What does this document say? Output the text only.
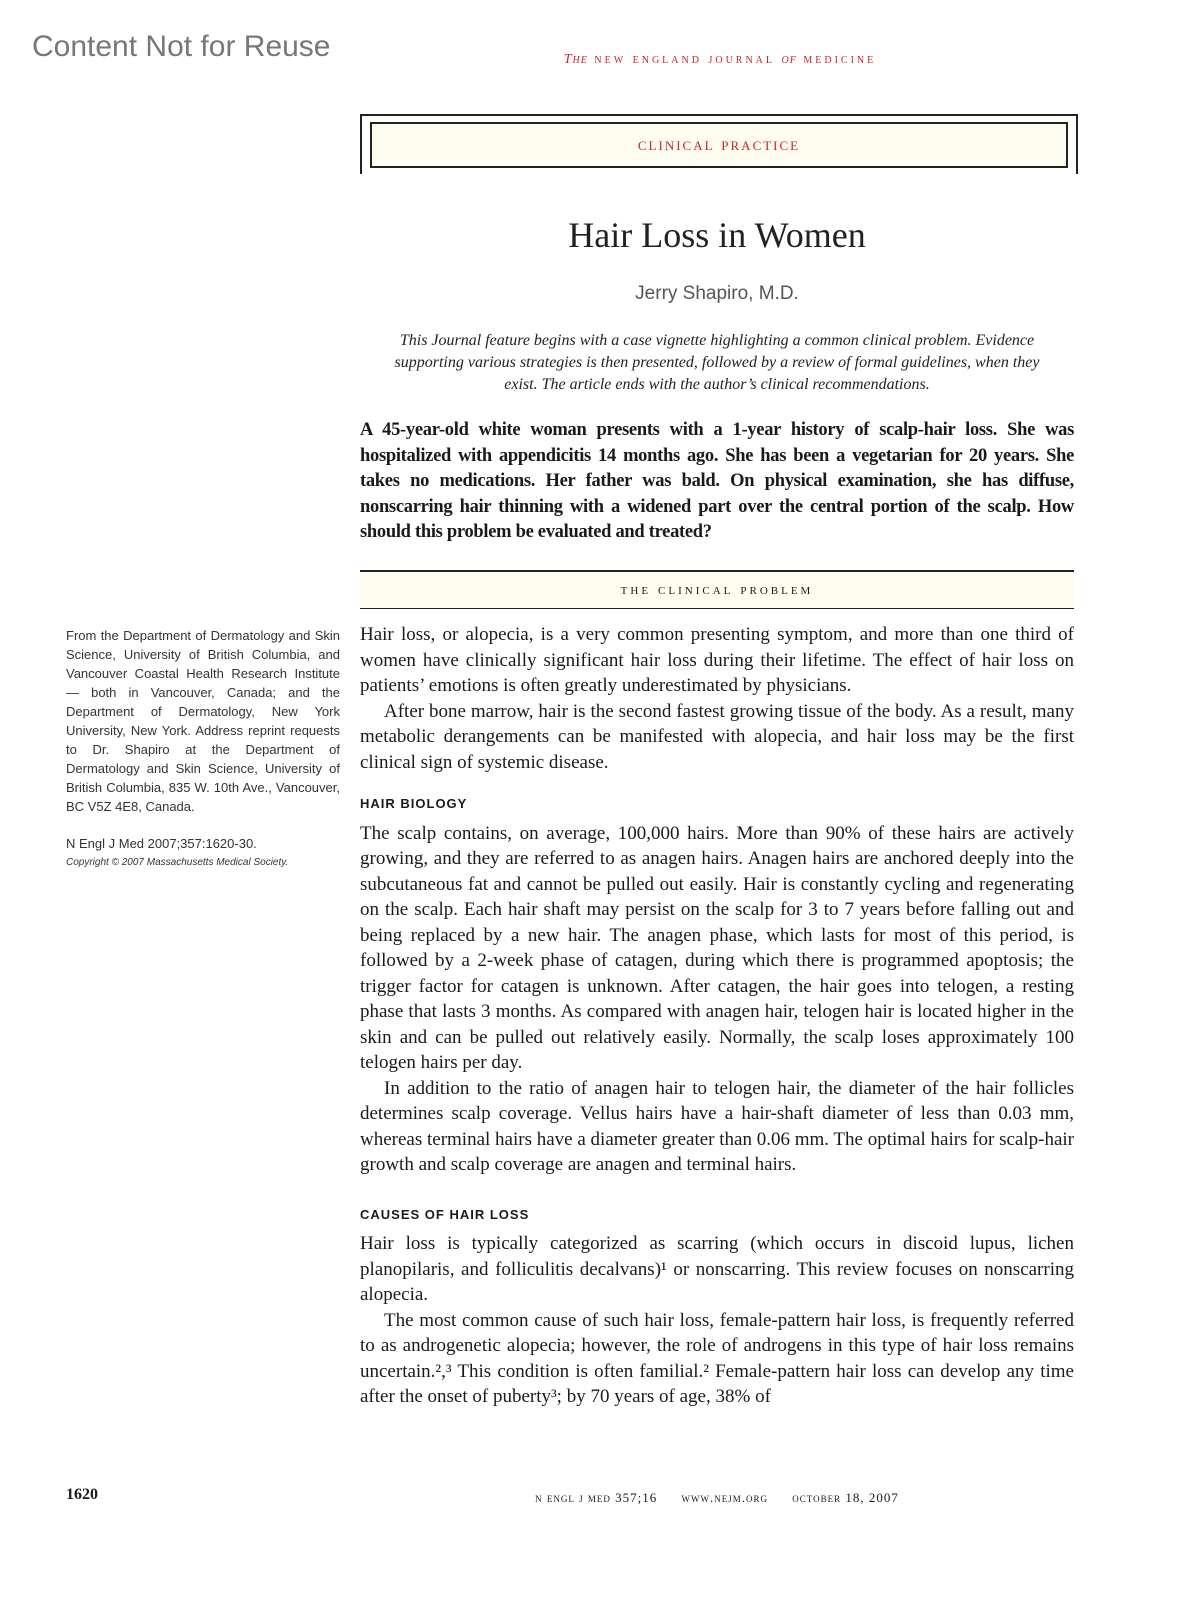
Content Not for Reuse	The new england journal of medicine
clinical practice
Hair Loss in Women
Jerry Shapiro, M.D.
This Journal feature begins with a case vignette highlighting a common clinical problem. Evidence supporting various strategies is then presented, followed by a review of formal guidelines, when they exist. The article ends with the author’s clinical recommendations.
A 45-year-old white woman presents with a 1-year history of scalp-hair loss. She was hospitalized with appendicitis 14 months ago. She has been a vegetarian for 20 years. She takes no medications. Her father was bald. On physical examination, she has diffuse, nonscarring hair thinning with a widened part over the central portion of the scalp. How should this problem be evaluated and treated?
the clinical problem
From the Department of Dermatology and Skin Science, University of British Columbia, and Vancouver Coastal Health Research Institute — both in Vancouver, Canada; and the Department of Dermatology, New York University, New York. Address reprint requests to Dr. Shapiro at the Department of Dermatology and Skin Science, University of British Columbia, 835 W. 10th Ave., Vancouver, BC V5Z 4E8, Canada.
N Engl J Med 2007;357:1620-30.
Copyright © 2007 Massachusetts Medical Society.

Hair loss, or alopecia, is a very common presenting symptom, and more than one third of women have clinically significant hair loss during their lifetime. The effect of hair loss on patients’ emotions is often greatly underestimated by physicians.

After bone marrow, hair is the second fastest growing tissue of the body. As a result, many metabolic derangements can be manifested with alopecia, and hair loss may be the first clinical sign of systemic disease.

HAIR BIOLOGY

The scalp contains, on average, 100,000 hairs. More than 90% of these hairs are actively growing, and they are referred to as anagen hairs. Anagen hairs are anchored deeply into the subcutaneous fat and cannot be pulled out easily. Hair is constantly cycling and regenerating on the scalp. Each hair shaft may persist on the scalp for 3 to 7 years before falling out and being replaced by a new hair. The anagen phase, which lasts for most of this period, is followed by a 2-week phase of catagen, during which there is programmed apoptosis; the trigger factor for catagen is unknown. After catagen, the hair goes into telogen, a resting phase that lasts 3 months. As compared with anagen hair, telogen hair is located higher in the skin and can be pulled out relatively easily. Normally, the scalp loses approximately 100 telogen hairs per day.

In addition to the ratio of anagen hair to telogen hair, the diameter of the hair follicles determines scalp coverage. Vellus hairs have a hair-shaft diameter of less than 0.03 mm, whereas terminal hairs have a diameter greater than 0.06 mm. The optimal hairs for scalp-hair growth and scalp coverage are anagen and terminal hairs.

CAUSES OF HAIR LOSS

Hair loss is typically categorized as scarring (which occurs in discoid lupus, lichen planopilaris, and folliculitis decalvans)¹ or nonscarring. This review focuses on nonscarring alopecia.

The most common cause of such hair loss, female-pattern hair loss, is frequently referred to as androgenetic alopecia; however, the role of androgens in this type of hair loss remains uncertain.²,³ This condition is often familial.² Female-pattern hair loss can develop any time after the onset of puberty³; by 70 years of age, 38% of

1620	n engl j med 357;16 www.nejm.org october 18, 2007
